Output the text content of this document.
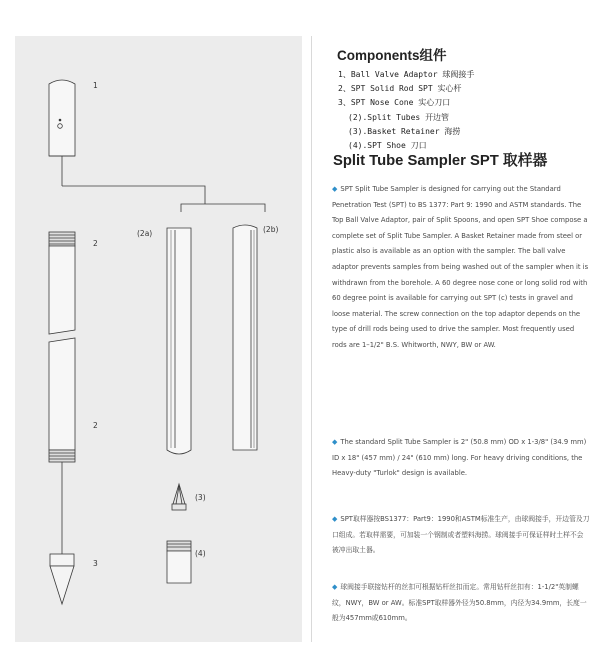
1
2
2
3
(2a)	(2b)
(3)
(4)
Components组件
1、Ball Valve Adaptor 球阀接手
2、SPT Solid Rod SPT 实心杆
3、SPT Nose Cone 实心刀口
(2).Split Tubes 开边管
(3).Basket Retainer 海捞
(4).SPT Shoe 刀口
Split Tube Sampler SPT 取样器
◆ SPT Split Tube Sampler is designed for carrying out the Standard Penetration Test (SPT) to BS 1377: Part 9: 1990 and ASTM standards. The Top Ball Valve Adaptor, pair of Split Spoons, and open SPT Shoe compose a complete set of Split Tube Sampler. A Basket Retainer made from steel or plastic also is available as an option with the sampler. The ball valve adaptor prevents samples from being washed out of the sampler when it is withdrawn from the borehole. A 60 degree nose cone or long solid rod with 60 degree point is available for carrying out SPT (c) tests in gravel and loose material. The screw connection on the top adaptor depends on the type of drill rods being used to drive the sampler. Most frequently used rods are 1–1/2" B.S. Whitworth, NWY, BW or AW.
◆ The standard Split Tube Sampler is 2" (50.8 mm) OD x 1-3/8" (34.9 mm) ID x 18" (457 mm) / 24" (610 mm) long. For heavy driving conditions, the Heavy-duty "Turlok" design is available.
◆ SPT取样器按BS1377：Part9：1990和ASTM标准生产，由球阀接手，开边管及刀口组成。若取样需要，可加装一个钢制或者塑料海捞。球阀接手可保证样时土样不会被冲出取土器。
◆ 球阀接手联接钻杆的丝扣可根据钻杆丝扣而定。常用钻杆丝扣有：1-1/2"英制螺纹，NWY，BW or AW。标准SPT取样器外径为50.8mm，内径为34.9mm，长度一般为457mm或610mm。
